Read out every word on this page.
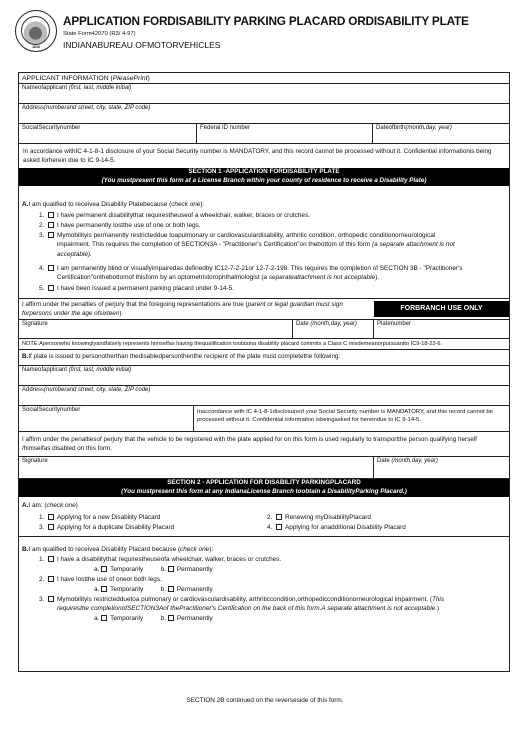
1816
APPLICATION FORDISABILITY PARKING PLACARD ORDISABILITY PLATE
State Form42070 (R3/ 4-97)
INDIANABUREAU OFMOTORVEHICLES
APPLICANT INFORMATION (PleasePrint)
Nameofapplicant (first, last, middle initial)
Address(numberand street, city, state, ZIP code)
SocialSecuritynumber	Federal ID number	Dateofbirth(month,day, year)
In accordance withIC 4-1-8-1 disclosure of your Social Security number is MANDATORY, and this record cannot be processed without it. Confidential informationis being asked forherein due to IC 9-14-5.
SECTION 1 -APPLICATION FORDISABILITY PLATE
(You mustpresent this form at a License Branch within your county of residence to receive a Disability Plate)
A.I am qualified to receivea Disability Platebecause (check one):
1. I have permanent disabilitythat requirestheuseof a wheelchair, walker, braces or crutches.
2. I have permanently lostthe use of one or both legs.
3. Mymobilityis permanently restricteddue toapulmonary or cardiovasculardisability, arthritic condition, orthopedic conditionorneurological
impairment. This requires the completion of SECTION3A - "Practitioner's Certification"on thebottom of this form (a separate attachment is not
acceptable).
4. I am permanently blind or visuallyimpairedas definedby IC12-7-2-21or 12-7-2-198. This requires the completion of SECTION 3B - "Practitioner's
Certification"onthebottomof thisform by an optometristorophthalmologist (a separateattachment is not acceptable).
5. I have been issued a permanent parking placard under 9-14-5.
I affirm under the penalties of perjury that the foregoing representations are true (parent or legal guardian must sign forpersons under the age ofsixteen).
FORBRANCH USE ONLY
Signature	Date (month,day, year)	Platenumber
NOTE:Apersonwho knowinglyandfalsely represents himselfas having thequalification toobtaina disability placard commits a Class C misdemeanorpursuantto IC9-18-22-6.
B.If plate is issued to personotherthan thedisabledpersonthenthe recipient of the plate must completethe following:
Nameofapplicant (first, last, middle initial)
Address(numberand street, city, state, ZIP code)
SocialSecuritynumber	Inaccordance with IC 4-1-8-1disclosureof your Social Security number is MANDATORY, and this record cannot be processed without it. Confidential information isbeingasked for hereindue to IC 9-14-5.
I affirm under the penaltiesof perjury that the vehicle to be registered with the plate applied for on this form is used regularly to transportthe person qualifying herself /himselfas disabled on this form.
Signature	Date (month,day, year)
SECTION 2 - APPLICATION FOR DISABILITY PARKINGPLACARD
(You mustpresent this form at any IndianaLicense Branch toobtain a DisabilityParking Placard.)
A.I am: (check one)
1. Applying for a new Disability Placard	2. Renewing myDisabilityPlacard
3. Applying for a duplicate Disability Placard	4. Applying for anadditional Disability Placard
B.I am qualified to receivea Disability Placard because (check one):
1. I have a disabilitythat requirestheuseofa wheelchair, walker, braces or crutches.
a. Temporarily	b. Permanently
2. I have lostthe use of oneor both legs.
a. Temporarily	b. Permanently
3. Mymobilityis restrictedduetoa pulmonary or cardiovasculardisability, arthriticcondition,orthopedicconditionorneurological impairment. (This
requiresthe completionofSECTION3Aof thePractitioner's Certification on the back of this form.A separate attachment is not acceptable.)
a. Temporarily	b. Permanently
SECTION 2B continued on the reverseside of this form.
